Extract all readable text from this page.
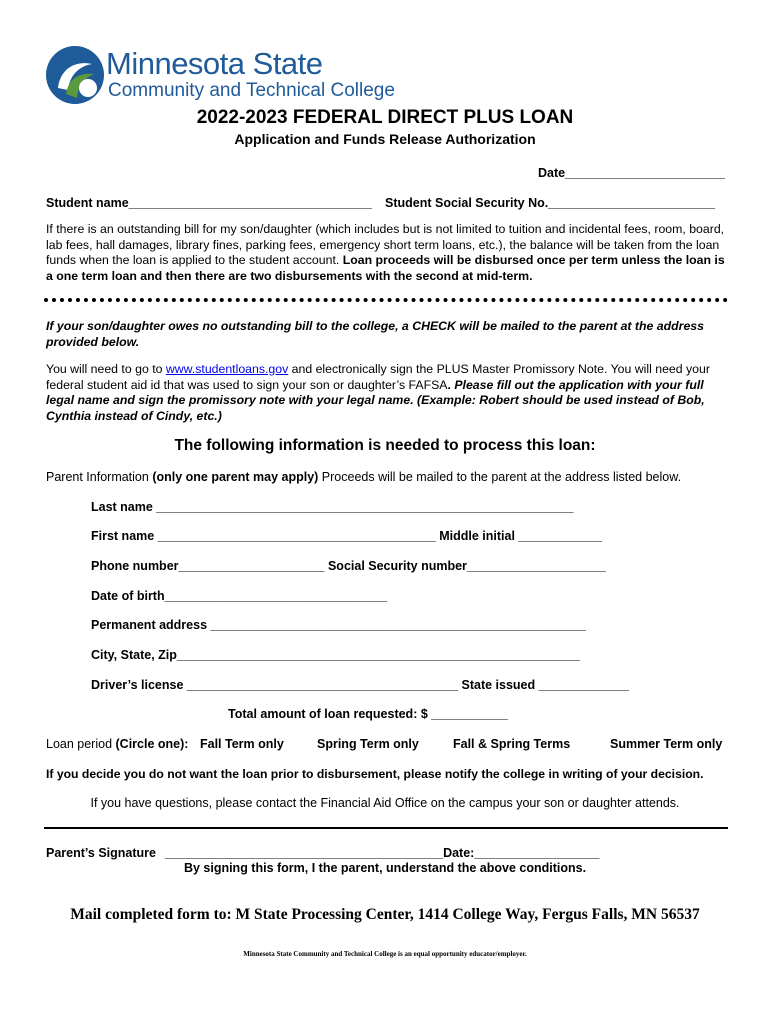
Minnesota State
Community and Technical College
2022-2023 FEDERAL DIRECT PLUS LOAN
Application and Funds Release Authorization
Date_______________________
Student name___________________________________ Student Social Security No.________________________
If there is an outstanding bill for my son/daughter (which includes but is not limited to tuition and incidental fees, room, board, lab fees, hall damages, library fines, parking fees, emergency short term loans, etc.), the balance will be taken from the loan funds when the loan is applied to the student account. Loan proceeds will be disbursed once per term unless the loan is a one term loan and then there are two disbursements with the second at mid-term.
If your son/daughter owes no outstanding bill to the college, a CHECK will be mailed to the parent at the address provided below.
You will need to go to www.studentloans.gov and electronically sign the PLUS Master Promissory Note. You will need your federal student aid id that was used to sign your son or daughter’s FAFSA. Please fill out the application with your full legal name and sign the promissory note with your legal name. (Example: Robert should be used instead of Bob, Cynthia instead of Cindy, etc.)
The following information is needed to process this loan:
Parent Information (only one parent may apply) Proceeds will be mailed to the parent at the address listed below.
Last name ____________________________________________________________
First name ________________________________________ Middle initial ____________
Phone number_____________________ Social Security number____________________
Date of birth________________________________
Permanent address ______________________________________________________
City, State, Zip__________________________________________________________
Driver’s license _______________________________________ State issued _____________
Total amount of loan requested: $ ___________
Loan period (Circle one): Fall Term only	Spring Term only	Fall & Spring Terms	Summer Term only
If you decide you do not want the loan prior to disbursement, please notify the college in writing of your decision.
If you have questions, please contact the Financial Aid Office on the campus your son or daughter attends.
Parent’s Signature ________________________________________Date:__________________
By signing this form, I the parent, understand the above conditions.
Mail completed form to: M State Processing Center, 1414 College Way, Fergus Falls, MN 56537
Minnesota State Community and Technical College is an equal opportunity educator/employer.
